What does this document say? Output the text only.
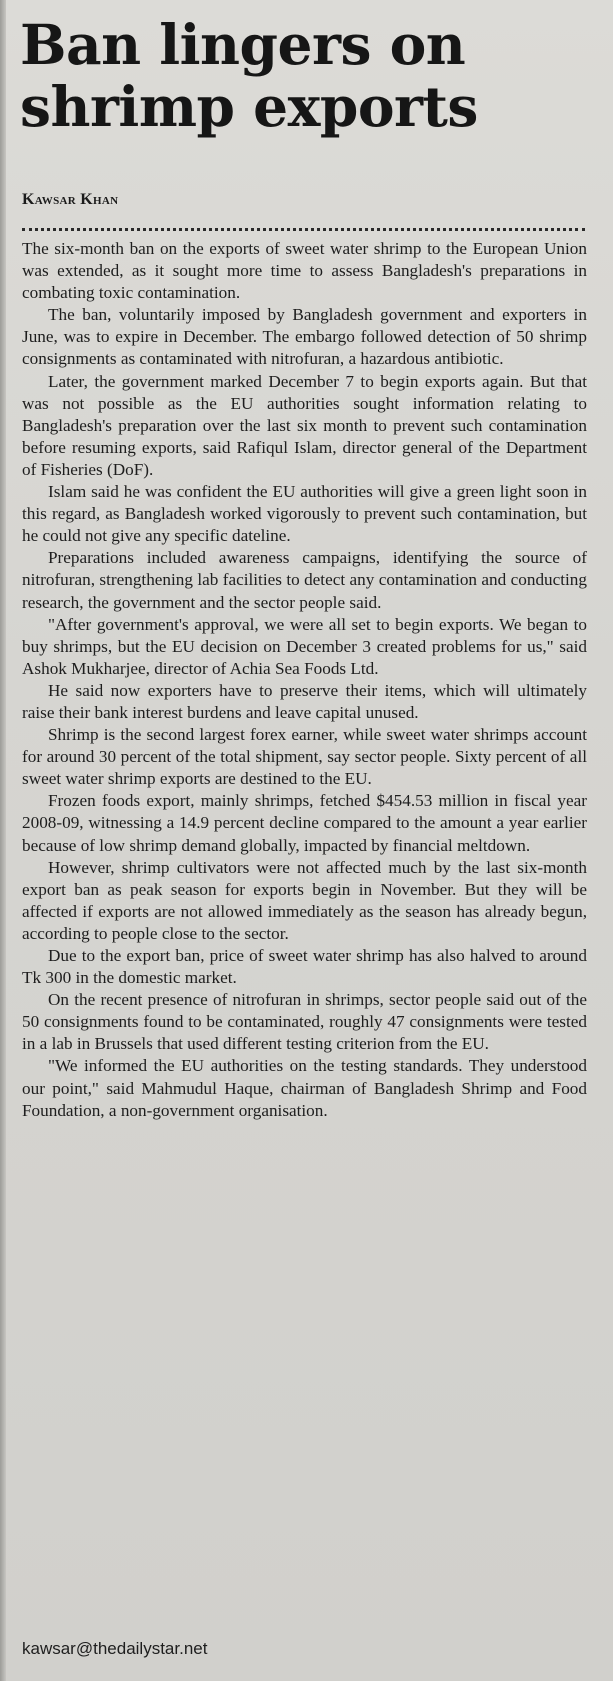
Ban lingers on shrimp exports
Kawsar Khan

The six-month ban on the exports of sweet water shrimp to the European Union was extended, as it sought more time to assess Bangladesh's preparations in combating toxic contamination.

The ban, voluntarily imposed by Bangladesh government and exporters in June, was to expire in December. The embargo followed detection of 50 shrimp consignments as contaminated with nitrofuran, a hazardous antibiotic.

Later, the government marked December 7 to begin exports again. But that was not possible as the EU authorities sought information relating to Bangladesh's preparation over the last six month to prevent such contamination before resuming exports, said Rafiqul Islam, director general of the Department of Fisheries (DoF).

Islam said he was confident the EU authorities will give a green light soon in this regard, as Bangladesh worked vigorously to prevent such contamination, but he could not give any specific dateline.

Preparations included awareness campaigns, identifying the source of nitrofuran, strengthening lab facilities to detect any contamination and conducting research, the government and the sector people said.

"After government's approval, we were all set to begin exports. We began to buy shrimps, but the EU decision on December 3 created problems for us," said Ashok Mukharjee, director of Achia Sea Foods Ltd.

He said now exporters have to preserve their items, which will ultimately raise their bank interest burdens and leave capital unused.

Shrimp is the second largest forex earner, while sweet water shrimps account for around 30 percent of the total shipment, say sector people. Sixty percent of all sweet water shrimp exports are destined to the EU.

Frozen foods export, mainly shrimps, fetched $454.53 million in fiscal year 2008-09, witnessing a 14.9 percent decline compared to the amount a year earlier because of low shrimp demand globally, impacted by financial meltdown.

However, shrimp cultivators were not affected much by the last six-month export ban as peak season for exports begin in November. But they will be affected if exports are not allowed immediately as the season has already begun, according to people close to the sector.

Due to the export ban, price of sweet water shrimp has also halved to around Tk 300 in the domestic market.

On the recent presence of nitrofuran in shrimps, sector people said out of the 50 consignments found to be contaminated, roughly 47 consignments were tested in a lab in Brussels that used different testing criterion from the EU.

"We informed the EU authorities on the testing standards. They understood our point," said Mahmudul Haque, chairman of Bangladesh Shrimp and Food Foundation, a non-government organisation.

kawsar@thedailystar.net
